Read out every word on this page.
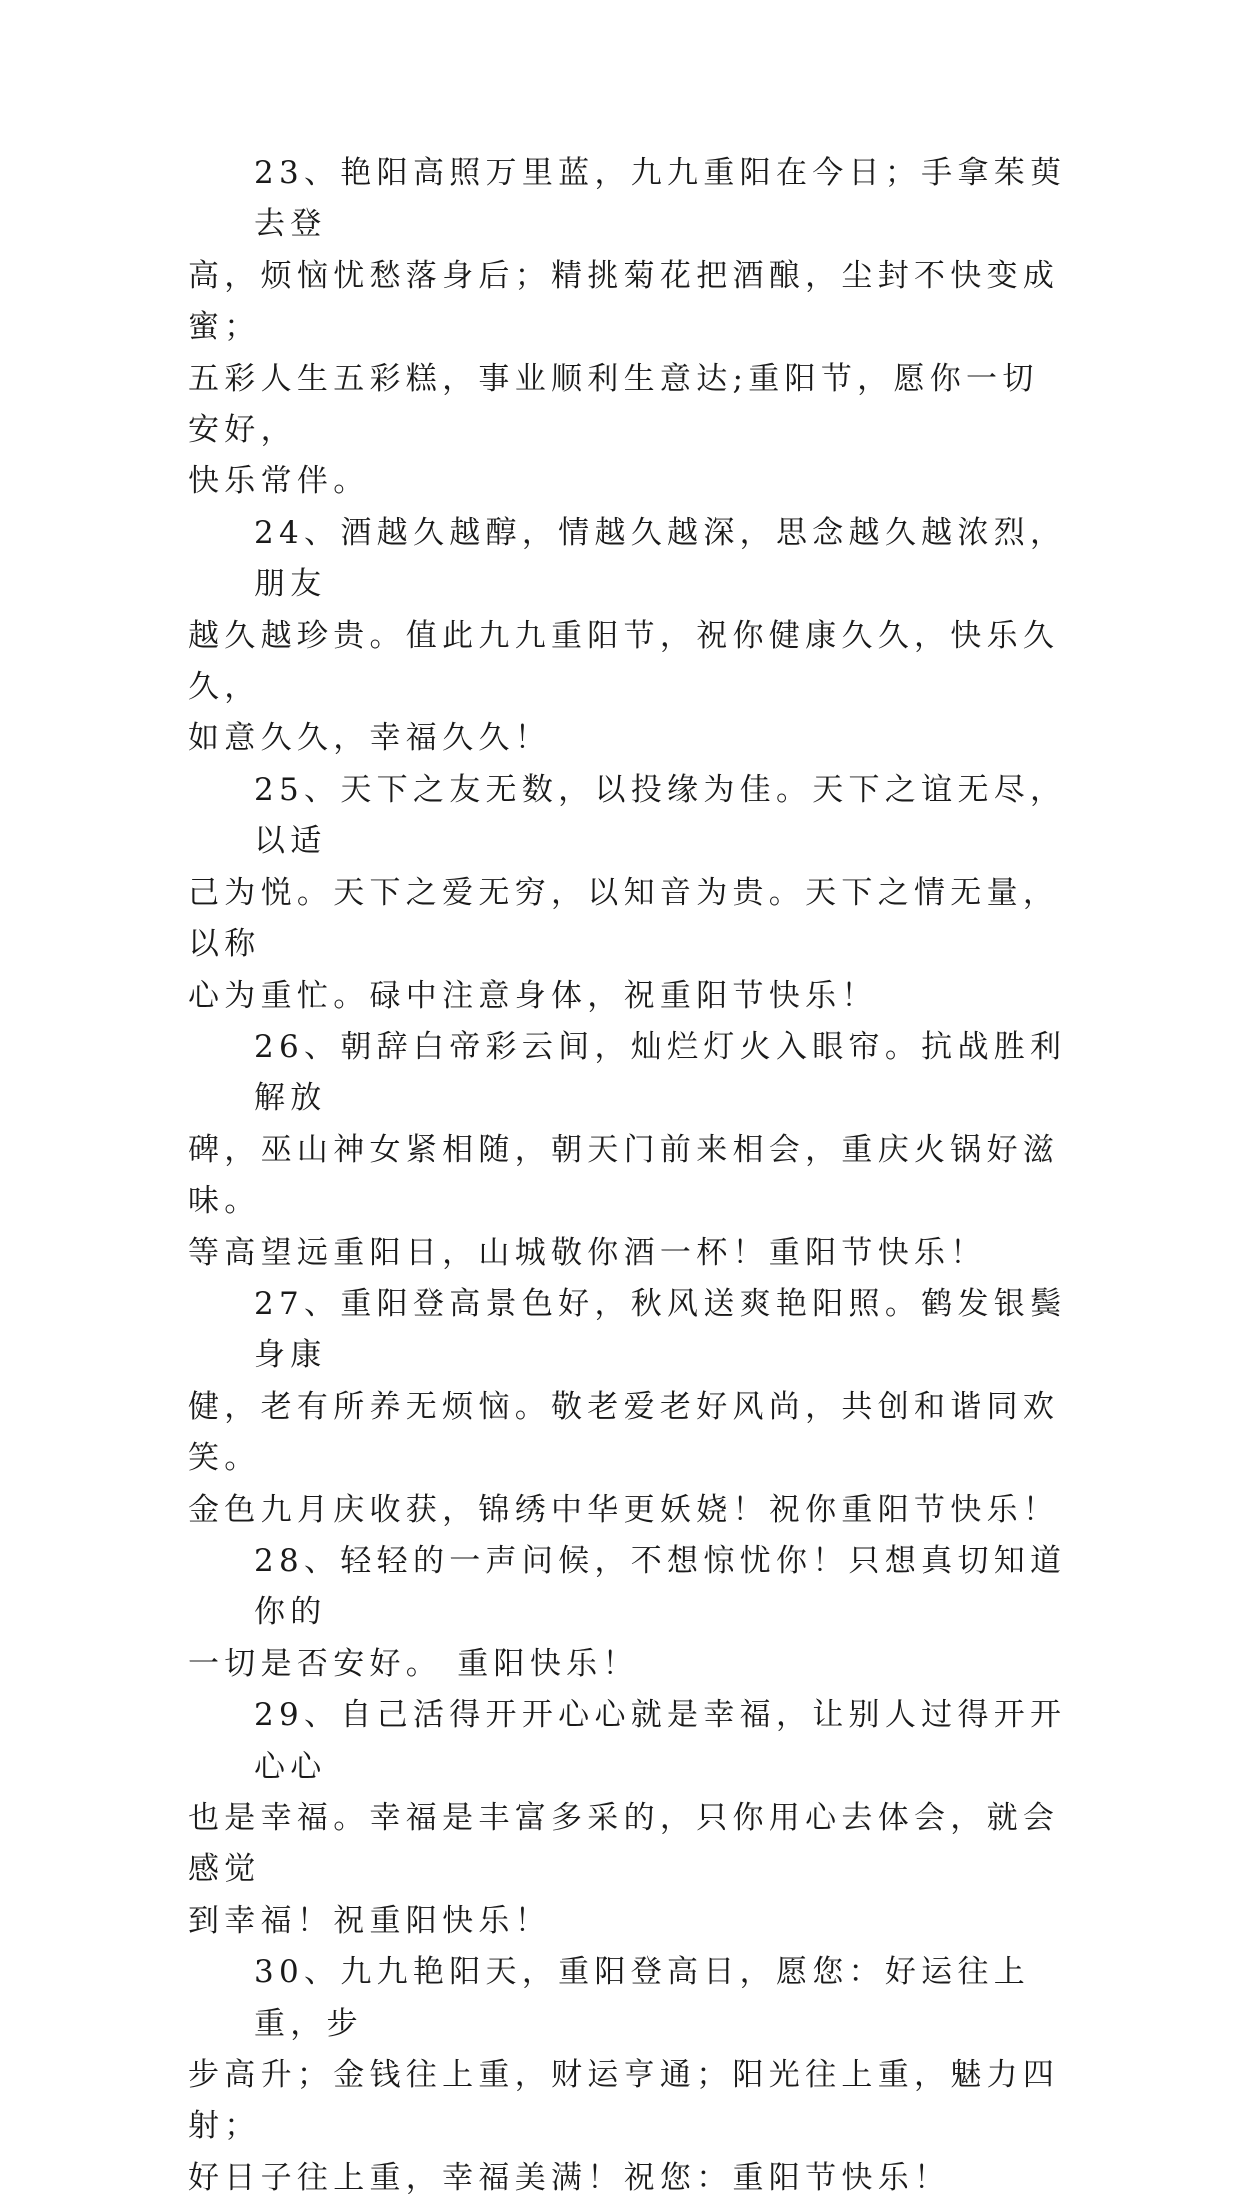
23、艳阳高照万里蓝，九九重阳在今日；手拿茱萸去登
高，烦恼忧愁落身后；精挑菊花把酒酿，尘封不快变成蜜；
五彩人生五彩糕，事业顺利生意达;重阳节，愿你一切安好，
快乐常伴。
24、酒越久越醇，情越久越深，思念越久越浓烈，朋友
越久越珍贵。值此九九重阳节，祝你健康久久，快乐久久，
如意久久，幸福久久！
25、天下之友无数，以投缘为佳。天下之谊无尽，以适
己为悦。天下之爱无穷，以知音为贵。天下之情无量，以称
心为重忙。碌中注意身体，祝重阳节快乐！
26、朝辞白帝彩云间，灿烂灯火入眼帘。抗战胜利解放
碑，巫山神女紧相随，朝天门前来相会，重庆火锅好滋味。
等高望远重阳日，山城敬你酒一杯！重阳节快乐！
27、重阳登高景色好，秋风送爽艳阳照。鹤发银鬓身康
健，老有所养无烦恼。敬老爱老好风尚，共创和谐同欢笑。
金色九月庆收获，锦绣中华更妖娆！祝你重阳节快乐！
28、轻轻的一声问候，不想惊忧你！只想真切知道你的
一切是否安好。 重阳快乐！
29、自己活得开开心心就是幸福，让别人过得开开心心
也是幸福。幸福是丰富多采的，只你用心去体会，就会感觉
到幸福！祝重阳快乐！
30、九九艳阳天，重阳登高日，愿您：好运往上重，步
步高升；金钱往上重，财运亨通；阳光往上重，魅力四射；
好日子往上重，幸福美满！祝您：重阳节快乐！
